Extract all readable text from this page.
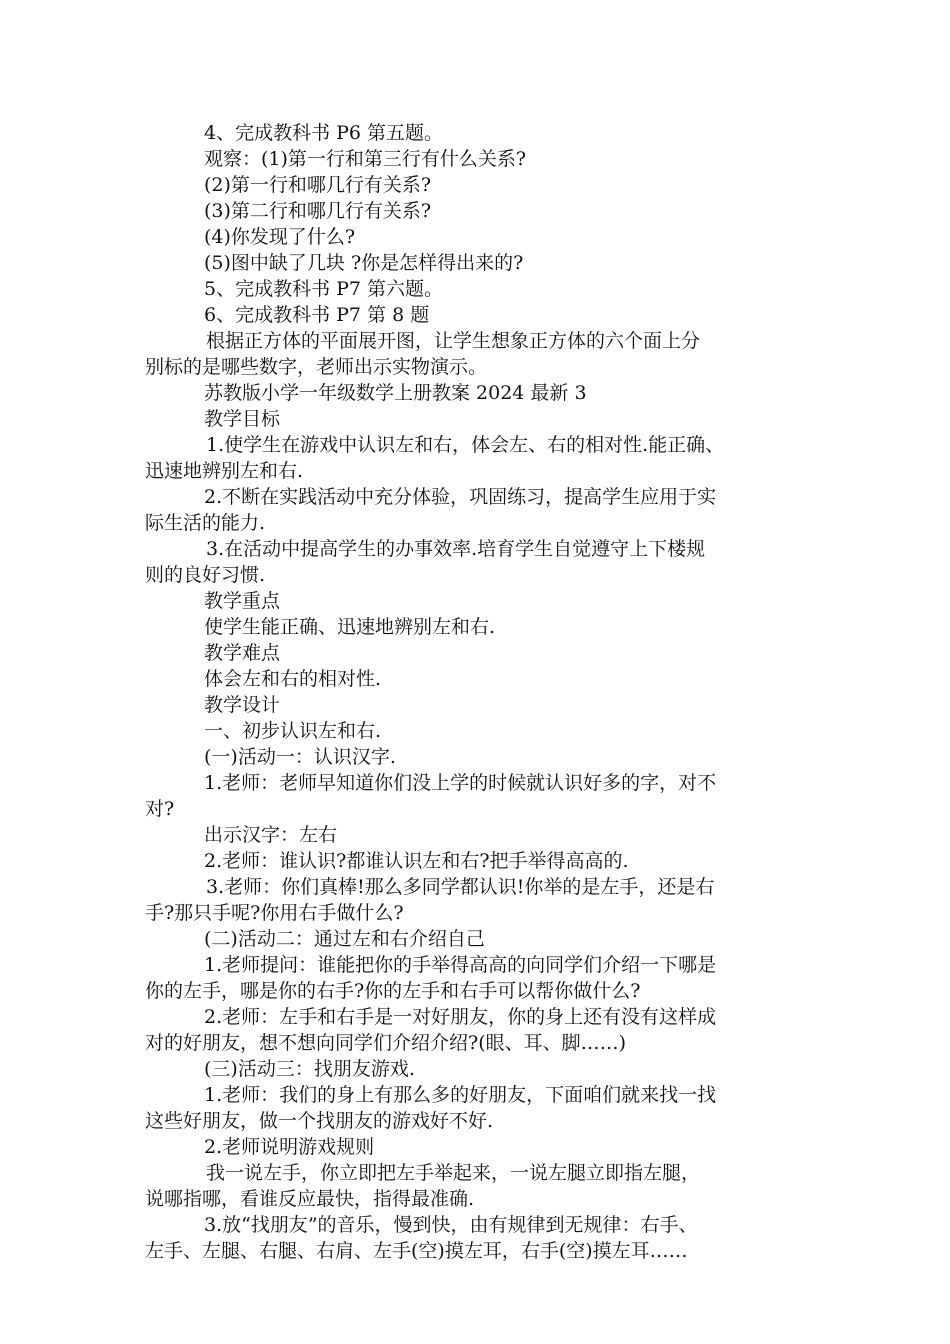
4、完成教科书 P6 第五题。
观察：(1)第一行和第三行有什么关系?
(2)第一行和哪几行有关系?
(3)第二行和哪几行有关系?
(4)你发现了什么?
(5)图中缺了几块 ?你是怎样得出来的?
5、完成教科书 P7 第六题。
6、完成教科书 P7 第 8 题
根据正方体的平面展开图，让学生想象正方体的六个面上分
别标的是哪些数字，老师出示实物演示。
苏教版小学一年级数学上册教案 2024 最新 3
教学目标
1.使学生在游戏中认识左和右，体会左、右的相对性.能正确、
迅速地辨别左和右.
2.不断在实践活动中充分体验，巩固练习，提高学生应用于实
际生活的能力.
3.在活动中提高学生的办事效率.培育学生自觉遵守上下楼规
则的良好习惯.
教学重点
使学生能正确、迅速地辨别左和右.
教学难点
体会左和右的相对性.
教学设计
一、初步认识左和右.
(一)活动一：认识汉字.
1.老师：老师早知道你们没上学的时候就认识好多的字，对不
对?
出示汉字：左右
2.老师：谁认识?都谁认识左和右?把手举得高高的.
3.老师：你们真棒!那么多同学都认识!你举的是左手，还是右
手?那只手呢?你用右手做什么?
(二)活动二：通过左和右介绍自己
1.老师提问：谁能把你的手举得高高的向同学们介绍一下哪是
你的左手，哪是你的右手?你的左手和右手可以帮你做什么?
2.老师：左手和右手是一对好朋友，你的身上还有没有这样成
对的好朋友，想不想向同学们介绍介绍?(眼、耳、脚……)
(三)活动三：找朋友游戏.
1.老师：我们的身上有那么多的好朋友，下面咱们就来找一找
这些好朋友，做一个找朋友的游戏好不好.
2.老师说明游戏规则
我一说左手，你立即把左手举起来，一说左腿立即指左腿，
说哪指哪，看谁反应最快，指得最准确.
3.放“找朋友”的音乐，慢到快，由有规律到无规律：右手、
左手、左腿、右腿、右肩、左手(空)摸左耳，右手(空)摸左耳……
